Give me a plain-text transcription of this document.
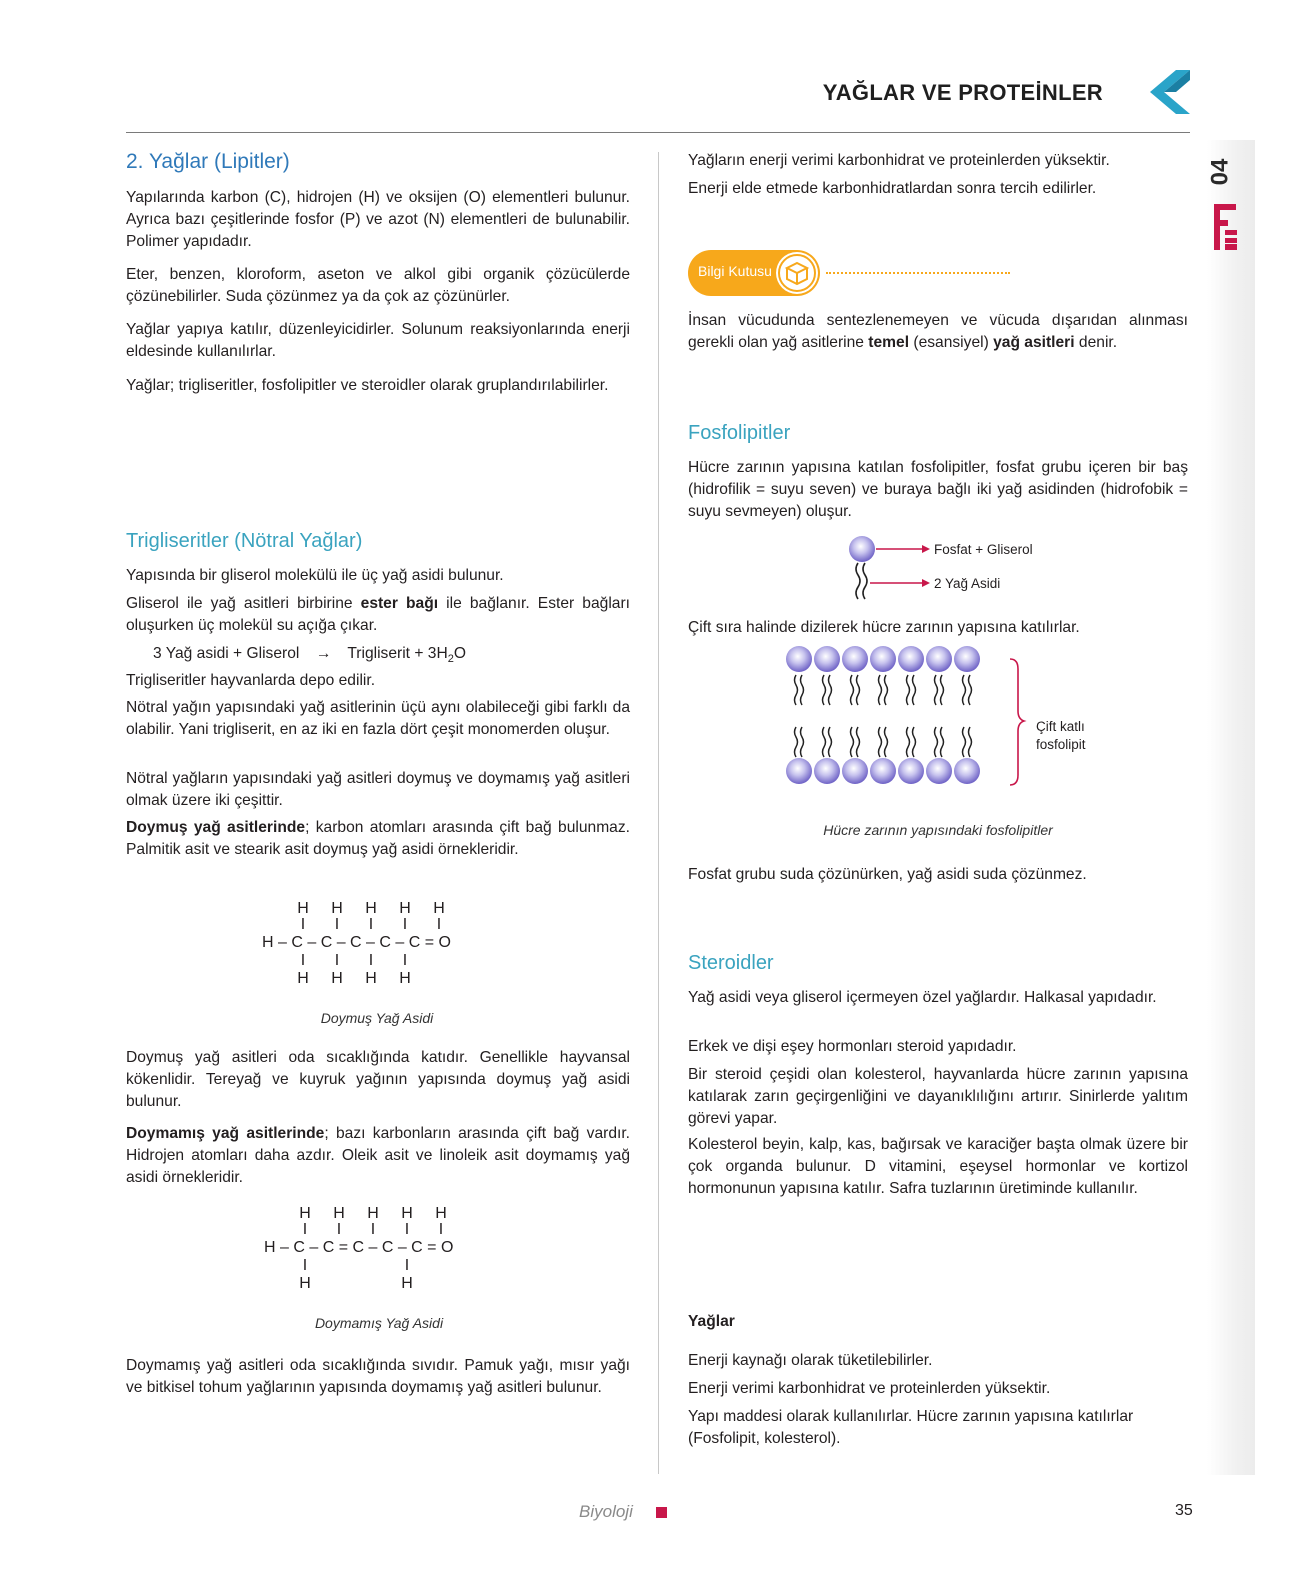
YAĞLAR VE PROTEİNLER
04
2. Yağlar (Lipitler)

Yapılarında karbon (C), hidrojen (H) ve oksijen (O) elementleri bulunur. Ayrıca bazı çeşitlerinde fosfor (P) ve azot (N) elementleri de bulunabilir. Polimer yapıdadır.

Eter, benzen, kloroform, aseton ve alkol gibi organik çözücülerde çözünebilirler. Suda çözünmez ya da çok az çözünürler.

Yağlar yapıya katılır, düzenleyicidirler. Solunum reaksiyonlarında enerji eldesinde kullanılırlar.

Yağlar; trigliseritler, fosfolipitler ve steroidler olarak gruplandırılabilirler.

Trigliseritler (Nötral Yağlar)

Yapısında bir gliserol molekülü ile üç yağ asidi bulunur.

Gliserol ile yağ asitleri birbirine ester bağı ile bağlanır. Ester bağları oluşurken üç molekül su açığa çıkar.

3 Yağ asidi + Gliserol → Trigliserit + $3H_2O$

Trigliseritler hayvanlarda depo edilir.

Nötral yağın yapısındaki yağ asitlerinin üçü aynı olabileceği gibi farklı da olabilir. Yani trigliserit, en az iki en fazla dört çeşit monomerden oluşur.

Nötral yağların yapısındaki yağ asitleri doymuş ve doymamış yağ asitleri olmak üzere iki çeşittir.

Doymuş yağ asitlerinde; karbon atomları arasında çift bağ bulunmaz. Palmitik asit ve stearik asit doymuş yağ asidi örnekleridir.

H H H H H
I I I I I
H – C – C – C – C – C = O
I I I I
H H H H
Doymuş Yağ Asidi

Doymuş yağ asitleri oda sıcaklığında katıdır. Genellikle hayvansal kökenlidir. Tereyağ ve kuyruk yağının yapısında doymuş yağ asidi bulunur.

Doymamış yağ asitlerinde; bazı karbonların arasında çift bağ vardır. Hidrojen atomları daha azdır. Oleik asit ve linoleik asit doymamış yağ asidi örnekleridir.

H H H H H
I I I I I
H – C – C = C – C – C = O
I	I
H	H
Doymamış Yağ Asidi

Doymamış yağ asitleri oda sıcaklığında sıvıdır. Pamuk yağı, mısır yağı ve bitkisel tohum yağlarının yapısında doymamış yağ asitleri bulunur.

Yağların enerji verimi karbonhidrat ve proteinlerden yüksektir.

Enerji elde etmede karbonhidratlardan sonra tercih edilirler.

Bilgi Kutusu

İnsan vücudunda sentezlenemeyen ve vücuda dışarıdan alınması gerekli olan yağ asitlerine temel (esansiyel) yağ asitleri denir.

Fosfolipitler

Hücre zarının yapısına katılan fosfolipitler, fosfat grubu içeren bir baş (hidrofilik = suyu seven) ve buraya bağlı iki yağ asidinden (hidrofobik = suyu sevmeyen) oluşur.

Fosfat + Gliserol
2 Yağ Asidi

Çift sıra halinde dizilerek hücre zarının yapısına katılırlar.

Çift katlı
fosfolipit
Hücre zarının yapısındaki fosfolipitler

Fosfat grubu suda çözünürken, yağ asidi suda çözünmez.

Steroidler

Yağ asidi veya gliserol içermeyen özel yağlardır. Halkasal yapıdadır.

Erkek ve dişi eşey hormonları steroid yapıdadır.

Bir steroid çeşidi olan kolesterol, hayvanlarda hücre zarının yapısına katılarak zarın geçirgenliğini ve dayanıklılığını artırır. Sinirlerde yalıtım görevi yapar.

Kolesterol beyin, kalp, kas, bağırsak ve karaciğer başta olmak üzere bir çok organda bulunur. D vitamini, eşeysel hormonlar ve kortizol hormonunun yapısına katılır. Safra tuzlarının üretiminde kullanılır.

Yağlar

Enerji kaynağı olarak tüketilebilirler.

Enerji verimi karbonhidrat ve proteinlerden yüksektir.

Yapı maddesi olarak kullanılırlar. Hücre zarının yapısına katılırlar (Fosfolipit, kolesterol).

Biyoloji	35
